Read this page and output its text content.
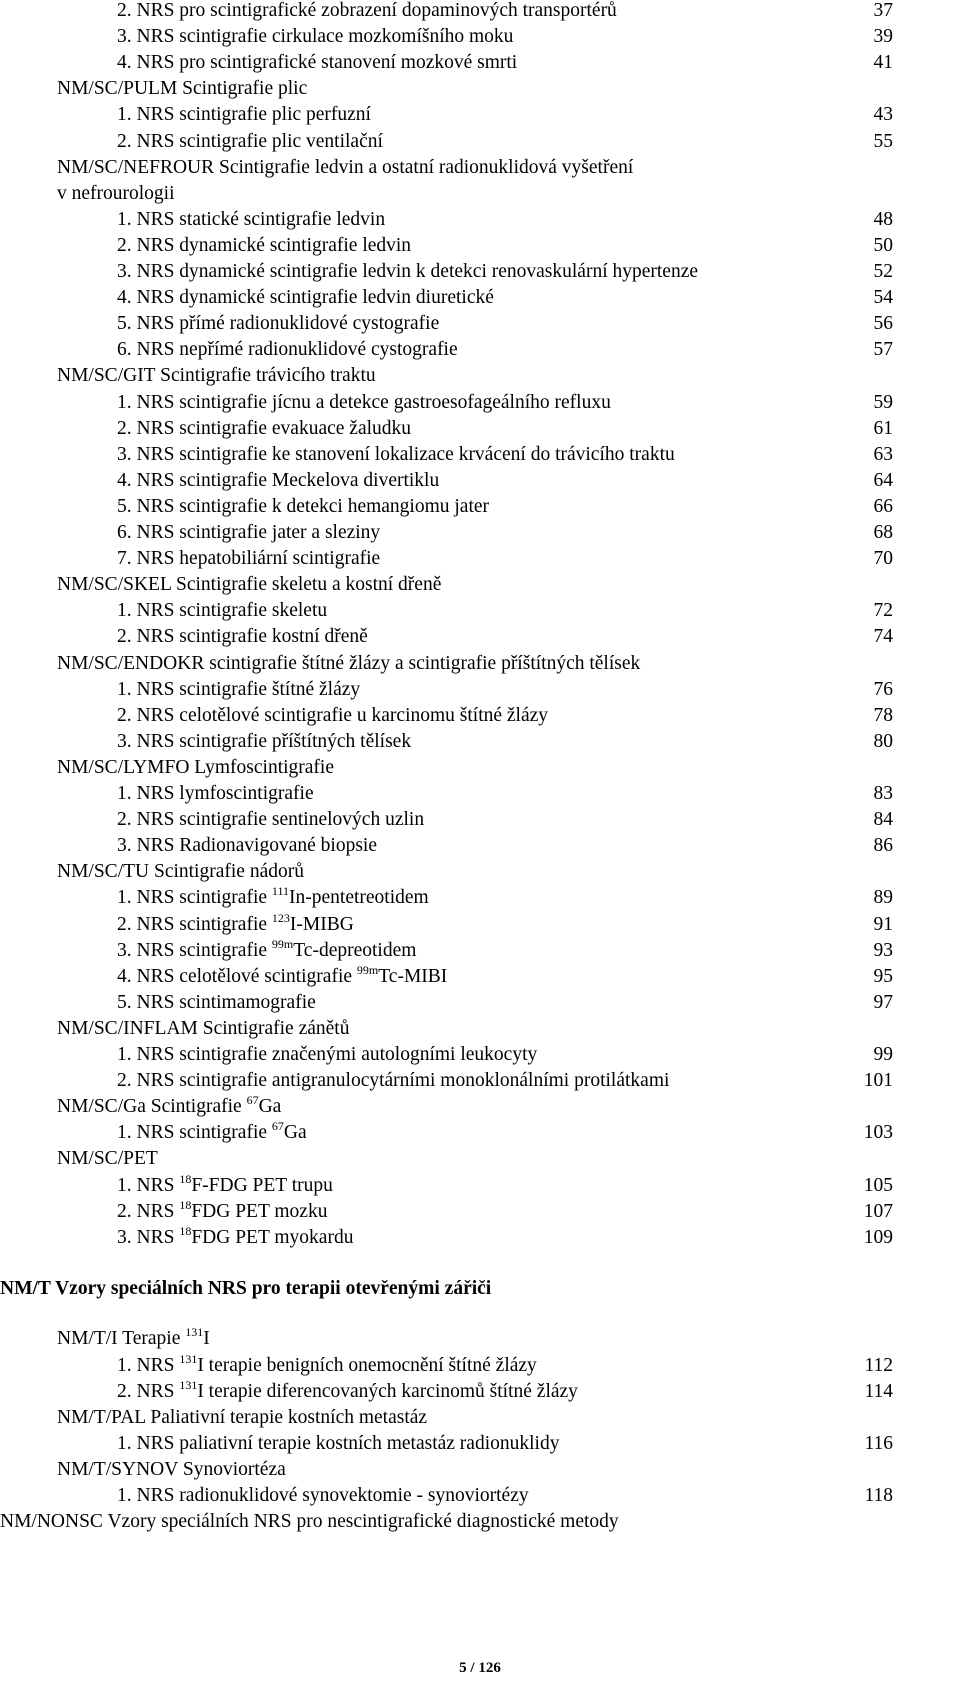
2. NRS pro scintigrafické zobrazení dopaminových transportérů	37
3. NRS scintigrafie cirkulace mozkomíšního moku	39
4. NRS pro scintigrafické stanovení mozkové smrti	41
NM/SC/PULM Scintigrafie plic
1. NRS scintigrafie plic perfuzní	43
2. NRS scintigrafie plic ventilační	55
NM/SC/NEFROUR Scintigrafie ledvin a ostatní radionuklidová vyšetření
v nefrourologii
1. NRS statické scintigrafie ledvin	48
2. NRS dynamické scintigrafie ledvin	50
3. NRS dynamické scintigrafie ledvin k detekci renovaskulární hypertenze	52
4. NRS dynamické scintigrafie ledvin diuretické	54
5. NRS přímé radionuklidové cystografie	56
6. NRS nepřímé radionuklidové cystografie	57
NM/SC/GIT Scintigrafie trávicího traktu
1. NRS scintigrafie jícnu a detekce gastroesofageálního refluxu	59
2. NRS scintigrafie evakuace žaludku	61
3. NRS scintigrafie ke stanovení lokalizace krvácení do trávicího traktu	63
4. NRS scintigrafie Meckelova divertiklu	64
5. NRS scintigrafie k detekci hemangiomu jater	66
6. NRS scintigrafie jater a sleziny	68
7. NRS hepatobiliární scintigrafie	70
NM/SC/SKEL Scintigrafie skeletu a kostní dřeně
1. NRS scintigrafie skeletu	72
2. NRS scintigrafie kostní dřeně	74
NM/SC/ENDOKR scintigrafie štítné žlázy a scintigrafie příštítných tělísek
1. NRS scintigrafie štítné žlázy	76
2. NRS celotělové scintigrafie u karcinomu štítné žlázy	78
3. NRS scintigrafie příštítných tělísek	80
NM/SC/LYMFO Lymfoscintigrafie
1. NRS lymfoscintigrafie	83
2. NRS scintigrafie sentinelových uzlin	84
3. NRS Radionavigované biopsie	86
NM/SC/TU Scintigrafie nádorů
1. NRS scintigrafie $^{111}$In-pentetreotidem	89
2. NRS scintigrafie $^{123}$I-MIBG	91
3. NRS scintigrafie $^{99m}$Tc-depreotidem	93
4. NRS celotělové scintigrafie $^{99m}$Tc-MIBI	95
5. NRS scintimamografie	97
NM/SC/INFLAM Scintigrafie zánětů
1. NRS scintigrafie značenými autologními leukocyty	99
2. NRS scintigrafie antigranulocytárními monoklonálními protilátkami	101
NM/SC/Ga Scintigrafie $^{67}$Ga
1. NRS scintigrafie $^{67}$Ga	103
NM/SC/PET
1. NRS $^{18}$F-FDG PET trupu	105
2. NRS $^{18}$FDG PET mozku	107
3. NRS $^{18}$FDG PET myokardu	109
NM/T Vzory speciálních NRS pro terapii otevřenými zářiči
NM/T/I Terapie $^{131}$I
1. NRS $^{131}$I terapie benigních onemocnění štítné žlázy	112
2. NRS $^{131}$I terapie diferencovaných karcinomů štítné žlázy	114
NM/T/PAL Paliativní terapie kostních metastáz
1. NRS paliativní terapie kostních metastáz radionuklidy	116
NM/T/SYNOV Synoviortéza
1. NRS radionuklidové synovektomie - synoviortézy	118
NM/NONSC Vzory speciálních NRS pro nescintigrafické diagnostické metody
5 / 126
